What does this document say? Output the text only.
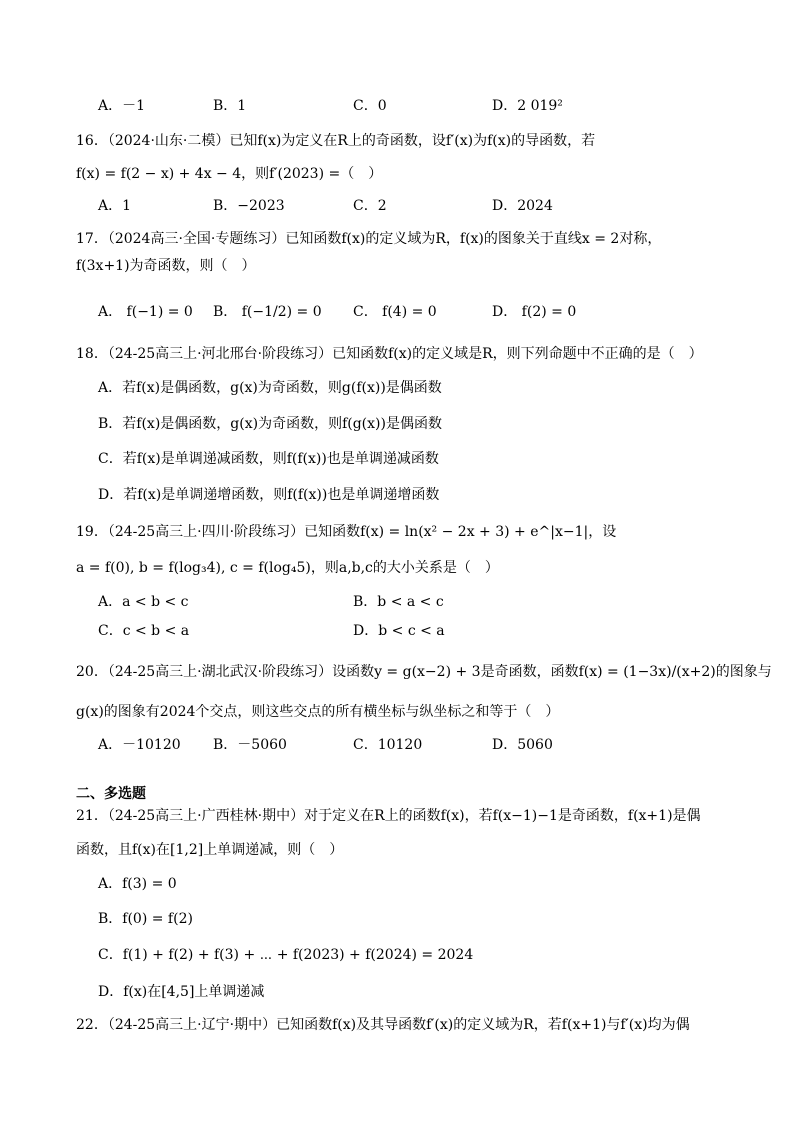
A．－1	B．1	C．0	D．2 019²
16．（2024·山东·二模）已知f(x)为定义在R上的奇函数，设f′(x)为f(x)的导函数，若
f(x) = f(2 − x) + 4x − 4，则f′(2023) =（　）
A．1	B．−2023	C．2	D．2024
17．（2024高三·全国·专题练习）已知函数f(x)的定义域为R，f(x)的图象关于直线x = 2对称，
f(3x+1)为奇函数，则（　）
A． f(−1) = 0 B． f(−1/2) = 0 C． f(4) = 0	D． f(2) = 0
18．（24-25高三上·河北邢台·阶段练习）已知函数f(x)的定义域是R，则下列命题中不正确的是（　）
A．若f(x)是偶函数，g(x)为奇函数，则g(f(x))是偶函数
B．若f(x)是偶函数，g(x)为奇函数，则f(g(x))是偶函数
C．若f(x)是单调递减函数，则f(f(x))也是单调递减函数
D．若f(x)是单调递增函数，则f(f(x))也是单调递增函数
19．（24-25高三上·四川·阶段练习）已知函数f(x) = ln(x² − 2x + 3) + e^|x−1|，设
a = f(0), b = f(log₃4), c = f(log₄5)，则a,b,c的大小关系是（　）
A．a < b < c	B．b < a < c
C．c < b < a	D．b < c < a
20．（24-25高三上·湖北武汉·阶段练习）设函数y = g(x−2) + 3是奇函数，函数f(x) = (1−3x)/(x+2)的图象与
g(x)的图象有2024个交点，则这些交点的所有横坐标与纵坐标之和等于（　）
A．－10120 B．－5060	C．10120	D．5060
二、多选题
21．（24-25高三上·广西桂林·期中）对于定义在R上的函数f(x)，若f(x−1)−1是奇函数，f(x+1)是偶
函数，且f(x)在[1,2]上单调递减，则（　）
A．f(3) = 0
B．f(0) = f(2)
C．f(1) + f(2) + f(3) + ⋯ + f(2023) + f(2024) = 2024
D．f(x)在[4,5]上单调递减
22．（24-25高三上·辽宁·期中）已知函数f(x)及其导函数f′(x)的定义域为R，若f(x+1)与f′(x)均为偶
